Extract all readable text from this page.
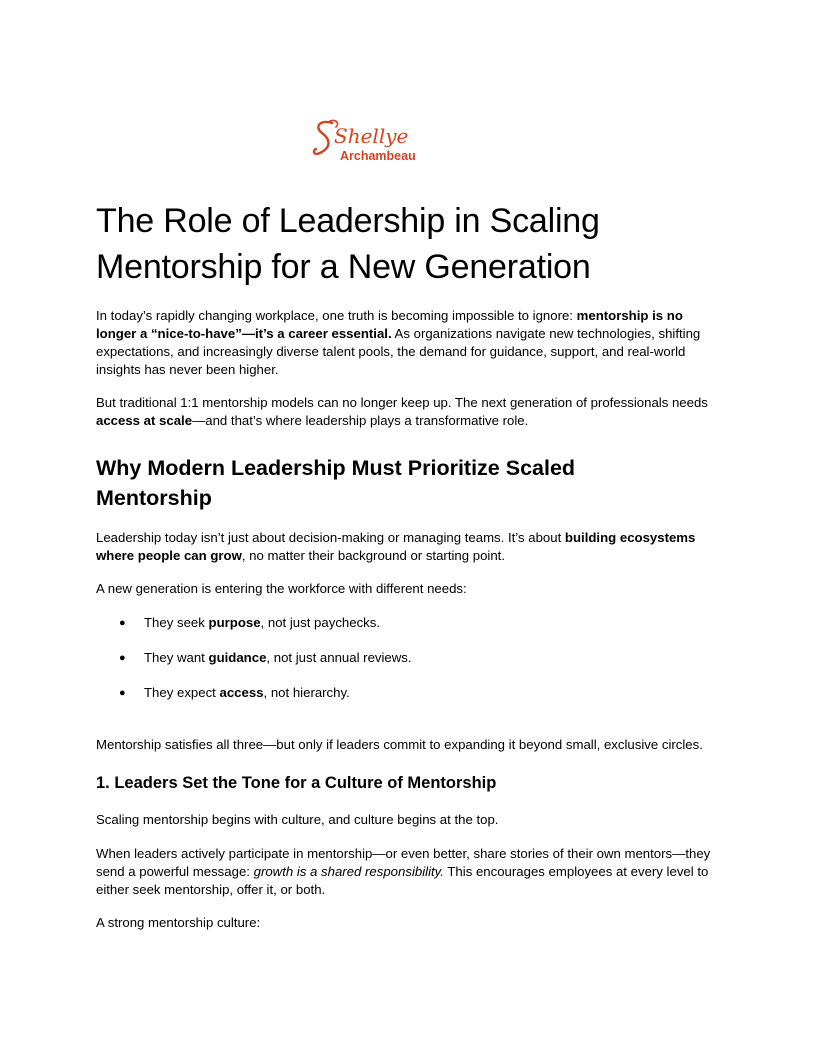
Shellye
Archambeau
The Role of Leadership in Scaling Mentorship for a New Generation

In today’s rapidly changing workplace, one truth is becoming impossible to ignore: mentorship is no longer a “nice-to-have”—it’s a career essential. As organizations navigate new technologies, shifting expectations, and increasingly diverse talent pools, the demand for guidance, support, and real-world insights has never been higher.

But traditional 1:1 mentorship models can no longer keep up. The next generation of professionals needs access at scale—and that’s where leadership plays a transformative role.

Why Modern Leadership Must Prioritize Scaled Mentorship

Leadership today isn’t just about decision-making or managing teams. It’s about building ecosystems where people can grow, no matter their background or starting point.

A new generation is entering the workforce with different needs:

● They seek purpose, not just paychecks.
● They want guidance, not just annual reviews.
● They expect access, not hierarchy.

Mentorship satisfies all three—but only if leaders commit to expanding it beyond small, exclusive circles.

1. Leaders Set the Tone for a Culture of Mentorship

Scaling mentorship begins with culture, and culture begins at the top.

When leaders actively participate in mentorship—or even better, share stories of their own mentors—they send a powerful message: growth is a shared responsibility. This encourages employees at every level to either seek mentorship, offer it, or both.

A strong mentorship culture:
